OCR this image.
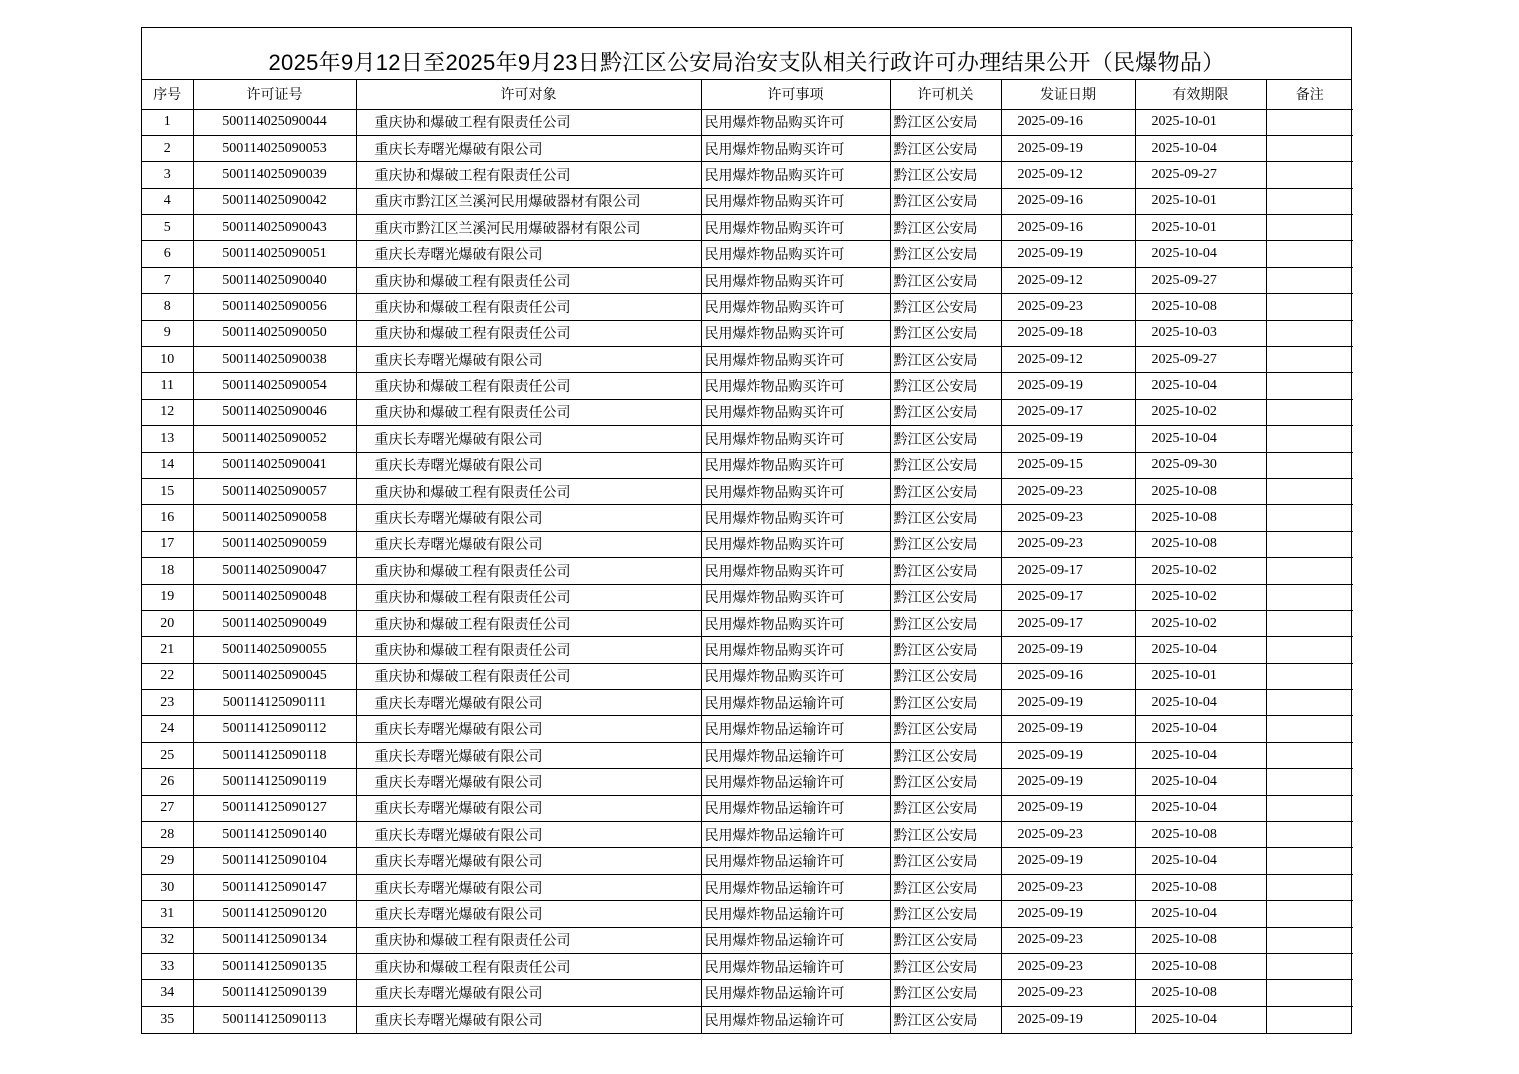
2025年9月12日至2025年9月23日黔江区公安局治安支队相关行政许可办理结果公开（民爆物品）
序号	许可证号	许可对象	许可事项	许可机关	发证日期	有效期限	备注
1	500114025090044	重庆协和爆破工程有限责任公司	民用爆炸物品购买许可	黔江区公安局	2025-09-16	2025-10-01	
2	500114025090053	重庆长寿曙光爆破有限公司	民用爆炸物品购买许可	黔江区公安局	2025-09-19	2025-10-04	
3	500114025090039	重庆协和爆破工程有限责任公司	民用爆炸物品购买许可	黔江区公安局	2025-09-12	2025-09-27	
4	500114025090042	重庆市黔江区兰溪河民用爆破器材有限公司	民用爆炸物品购买许可	黔江区公安局	2025-09-16	2025-10-01	
5	500114025090043	重庆市黔江区兰溪河民用爆破器材有限公司	民用爆炸物品购买许可	黔江区公安局	2025-09-16	2025-10-01	
6	500114025090051	重庆长寿曙光爆破有限公司	民用爆炸物品购买许可	黔江区公安局	2025-09-19	2025-10-04	
7	500114025090040	重庆协和爆破工程有限责任公司	民用爆炸物品购买许可	黔江区公安局	2025-09-12	2025-09-27	
8	500114025090056	重庆协和爆破工程有限责任公司	民用爆炸物品购买许可	黔江区公安局	2025-09-23	2025-10-08	
9	500114025090050	重庆协和爆破工程有限责任公司	民用爆炸物品购买许可	黔江区公安局	2025-09-18	2025-10-03	
10	500114025090038	重庆长寿曙光爆破有限公司	民用爆炸物品购买许可	黔江区公安局	2025-09-12	2025-09-27	
11	500114025090054	重庆协和爆破工程有限责任公司	民用爆炸物品购买许可	黔江区公安局	2025-09-19	2025-10-04	
12	500114025090046	重庆协和爆破工程有限责任公司	民用爆炸物品购买许可	黔江区公安局	2025-09-17	2025-10-02	
13	500114025090052	重庆长寿曙光爆破有限公司	民用爆炸物品购买许可	黔江区公安局	2025-09-19	2025-10-04	
14	500114025090041	重庆长寿曙光爆破有限公司	民用爆炸物品购买许可	黔江区公安局	2025-09-15	2025-09-30	
15	500114025090057	重庆协和爆破工程有限责任公司	民用爆炸物品购买许可	黔江区公安局	2025-09-23	2025-10-08	
16	500114025090058	重庆长寿曙光爆破有限公司	民用爆炸物品购买许可	黔江区公安局	2025-09-23	2025-10-08	
17	500114025090059	重庆长寿曙光爆破有限公司	民用爆炸物品购买许可	黔江区公安局	2025-09-23	2025-10-08	
18	500114025090047	重庆协和爆破工程有限责任公司	民用爆炸物品购买许可	黔江区公安局	2025-09-17	2025-10-02	
19	500114025090048	重庆协和爆破工程有限责任公司	民用爆炸物品购买许可	黔江区公安局	2025-09-17	2025-10-02	
20	500114025090049	重庆协和爆破工程有限责任公司	民用爆炸物品购买许可	黔江区公安局	2025-09-17	2025-10-02	
21	500114025090055	重庆协和爆破工程有限责任公司	民用爆炸物品购买许可	黔江区公安局	2025-09-19	2025-10-04	
22	500114025090045	重庆协和爆破工程有限责任公司	民用爆炸物品购买许可	黔江区公安局	2025-09-16	2025-10-01	
23	500114125090111	重庆长寿曙光爆破有限公司	民用爆炸物品运输许可	黔江区公安局	2025-09-19	2025-10-04	
24	500114125090112	重庆长寿曙光爆破有限公司	民用爆炸物品运输许可	黔江区公安局	2025-09-19	2025-10-04	
25	500114125090118	重庆长寿曙光爆破有限公司	民用爆炸物品运输许可	黔江区公安局	2025-09-19	2025-10-04	
26	500114125090119	重庆长寿曙光爆破有限公司	民用爆炸物品运输许可	黔江区公安局	2025-09-19	2025-10-04	
27	500114125090127	重庆长寿曙光爆破有限公司	民用爆炸物品运输许可	黔江区公安局	2025-09-19	2025-10-04	
28	500114125090140	重庆长寿曙光爆破有限公司	民用爆炸物品运输许可	黔江区公安局	2025-09-23	2025-10-08	
29	500114125090104	重庆长寿曙光爆破有限公司	民用爆炸物品运输许可	黔江区公安局	2025-09-19	2025-10-04	
30	500114125090147	重庆长寿曙光爆破有限公司	民用爆炸物品运输许可	黔江区公安局	2025-09-23	2025-10-08	
31	500114125090120	重庆长寿曙光爆破有限公司	民用爆炸物品运输许可	黔江区公安局	2025-09-19	2025-10-04	
32	500114125090134	重庆协和爆破工程有限责任公司	民用爆炸物品运输许可	黔江区公安局	2025-09-23	2025-10-08	
33	500114125090135	重庆协和爆破工程有限责任公司	民用爆炸物品运输许可	黔江区公安局	2025-09-23	2025-10-08	
34	500114125090139	重庆长寿曙光爆破有限公司	民用爆炸物品运输许可	黔江区公安局	2025-09-23	2025-10-08	
35	500114125090113	重庆长寿曙光爆破有限公司	民用爆炸物品运输许可	黔江区公安局	2025-09-19	2025-10-04	
